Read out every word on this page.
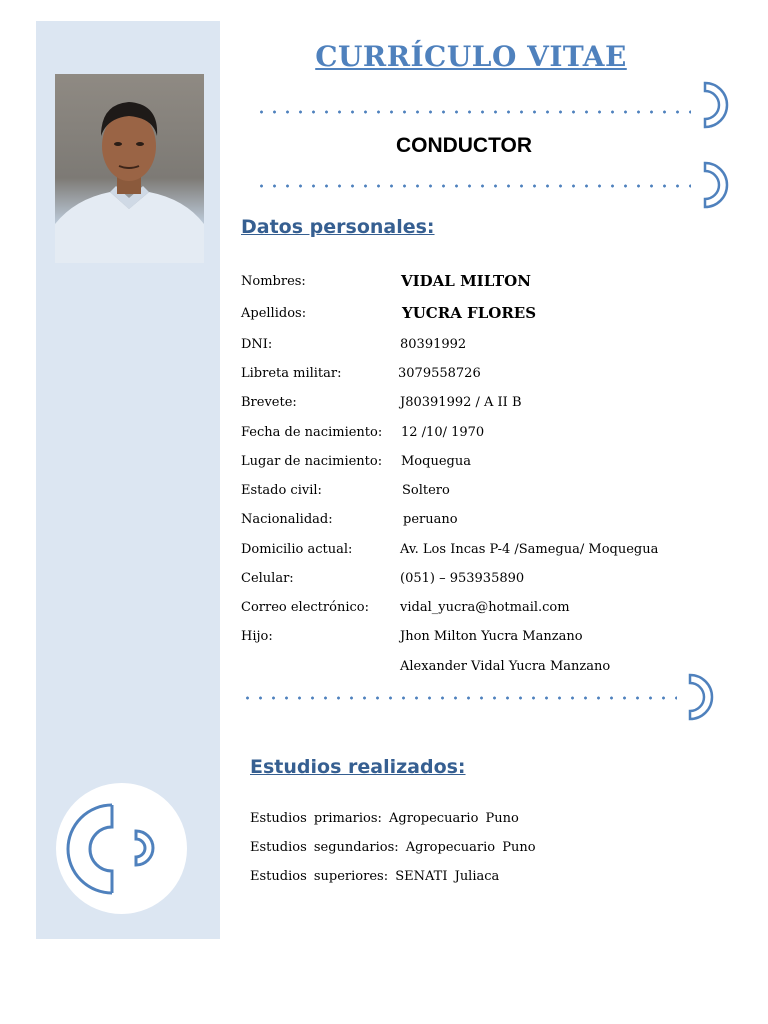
CURRÍCULO VITAE
CONDUCTOR
Datos personales:
Nombres:	VIDAL MILTON
Apellidos:	YUCRA FLORES
DNI:	80391992
Libreta militar:	3079558726
Brevete:	J80391992 / A II B
Fecha de nacimiento: 12 /10/ 1970
Lugar de nacimiento: Moquegua
Estado civil:	Soltero
Nacionalidad:	peruano
Domicilio actual:	Av. Los Incas P-4 /Samegua/ Moquegua
Celular:	(051) – 953935890
Correo electrónico: vidal_yucra@hotmail.com
Hijo:	Jhon Milton Yucra Manzano
Alexander Vidal Yucra Manzano
Estudios realizados:
Estudios primarios: Agropecuario Puno
Estudios segundarios: Agropecuario Puno
Estudios superiores: SENATI Juliaca
